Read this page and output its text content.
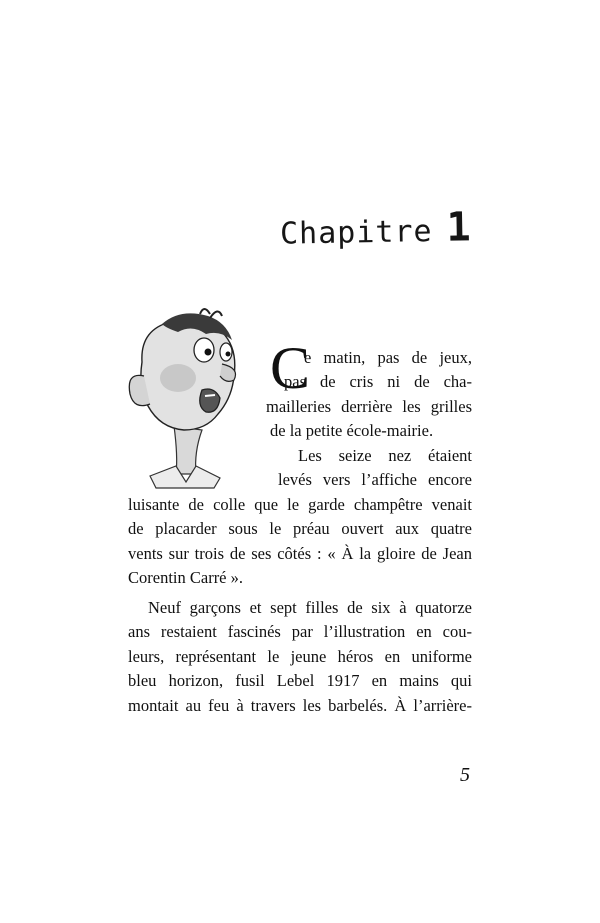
Chapitre 1
C
e matin, pas de jeux,
pas de cris ni de cha-
mailleries derrière les grilles
de la petite école-mairie.
Les seize nez étaient
levés vers l’affiche encore
luisante de colle que le garde champêtre venait
de placarder sous le préau ouvert aux quatre
vents sur trois de ses côtés : « À la gloire de Jean
Corentin Carré ».
Neuf garçons et sept filles de six à quatorze
ans restaient fascinés par l’illustration en cou-
leurs, représentant le jeune héros en uniforme
bleu horizon, fusil Lebel 1917 en mains qui
montait au feu à travers les barbelés. À l’arrière-
5
